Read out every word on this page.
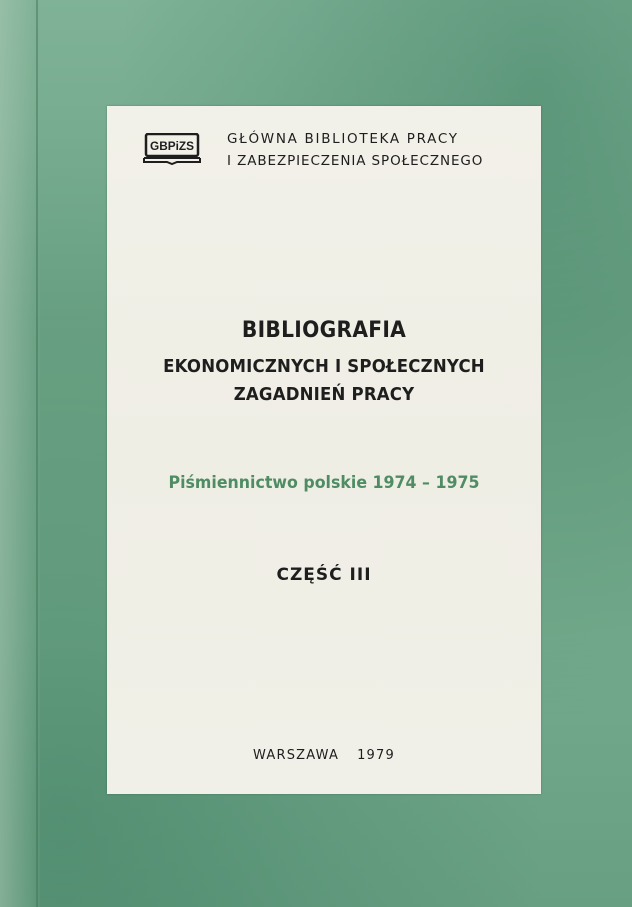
GBPiZS GŁÓWNA BIBLIOTEKA PRACY
I ZABEZPIECZENIA SPOŁECZNEGO
BIBLIOGRAFIA
EKONOMICZNYCH I SPOŁECZNYCH
ZAGADNIEŃ PRACY
Piśmiennictwo polskie 1974 – 1975
CZĘŚĆ III
WARSZAWA 1979
